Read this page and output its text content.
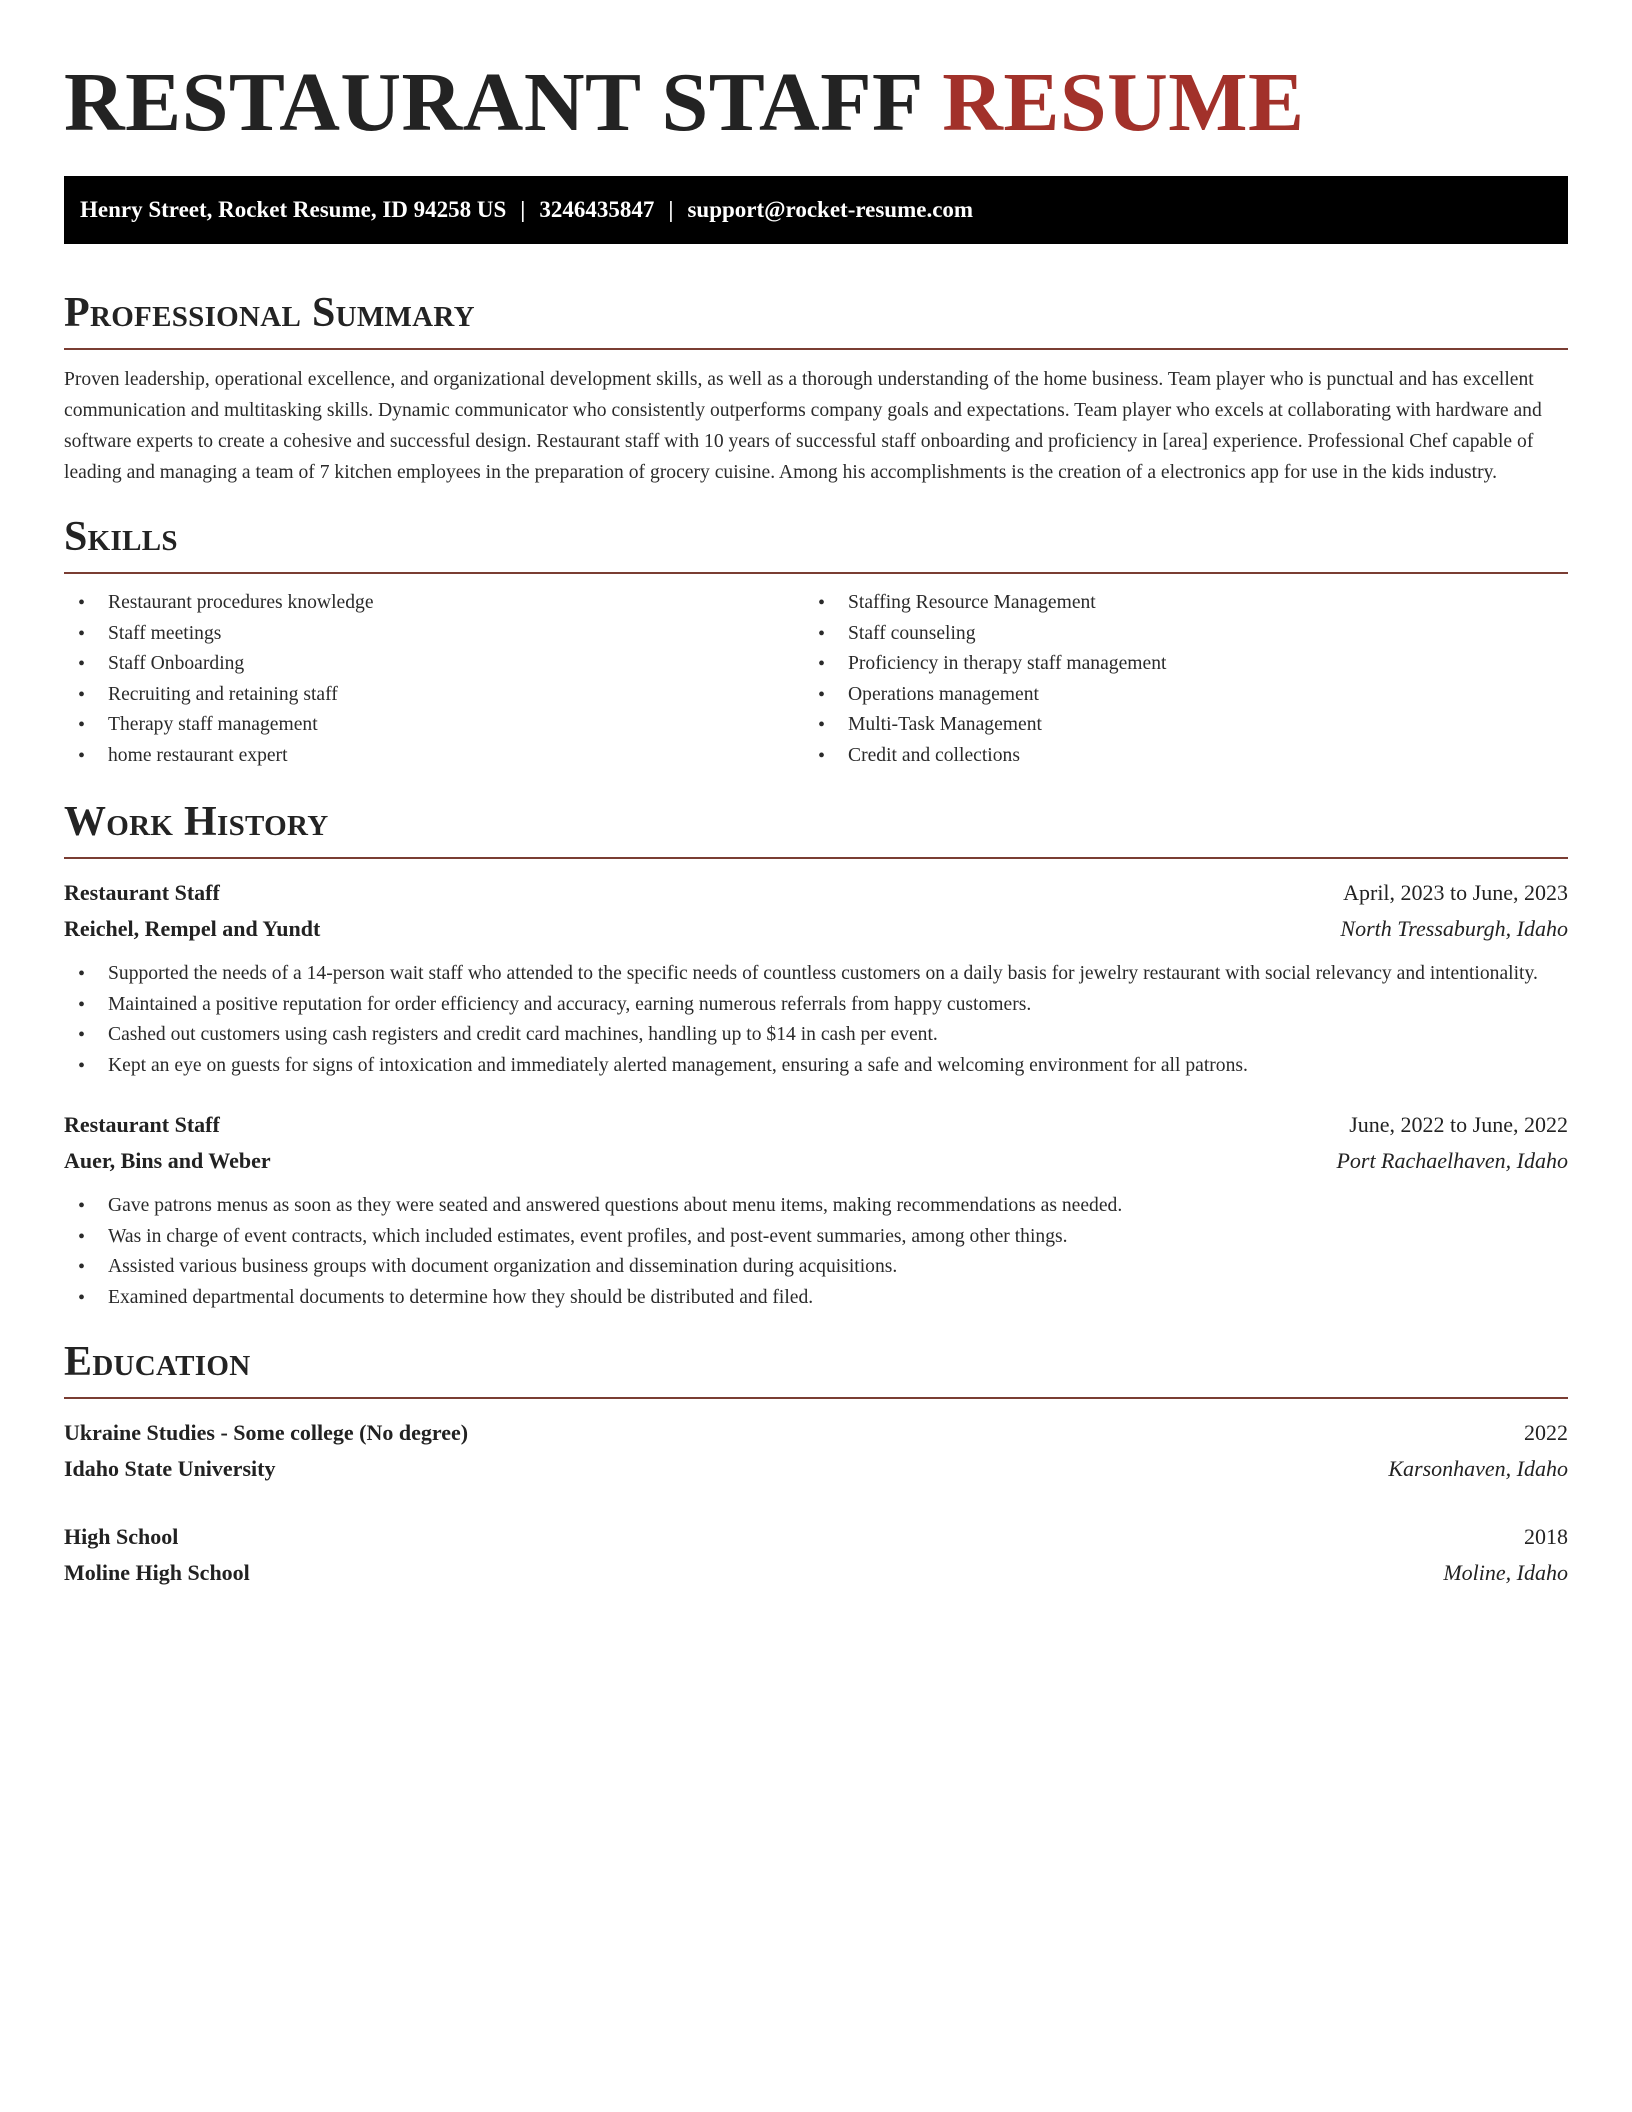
RESTAURANT STAFF RESUME
Henry Street, Rocket Resume, ID 94258 US | 3246435847 | support@rocket-resume.com
Professional Summary

Proven leadership, operational excellence, and organizational development skills, as well as a thorough understanding of the home business. Team player who is punctual and has excellent communication and multitasking skills. Dynamic communicator who consistently outperforms company goals and expectations. Team player who excels at collaborating with hardware and software experts to create a cohesive and successful design. Restaurant staff with 10 years of successful staff onboarding and proficiency in [area] experience. Professional Chef capable of leading and managing a team of 7 kitchen employees in the preparation of grocery cuisine. Among his accomplishments is the creation of a electronics app for use in the kids industry.

Skills
• Restaurant procedures knowledge
• Staff meetings
• Staff Onboarding
• Recruiting and retaining staff
• Therapy staff management
• home restaurant expert
• Staffing Resource Management
• Staff counseling
• Proficiency in therapy staff management
• Operations management
• Multi-Task Management
• Credit and collections
Work History
Restaurant Staff	April, 2023 to June, 2023
Reichel, Rempel and Yundt	North Tressaburgh, Idaho
• Supported the needs of a 14-person wait staff who attended to the specific needs of countless customers on a daily basis for jewelry restaurant with social relevancy and intentionality.
• Maintained a positive reputation for order efficiency and accuracy, earning numerous referrals from happy customers.
• Cashed out customers using cash registers and credit card machines, handling up to $14 in cash per event.
• Kept an eye on guests for signs of intoxication and immediately alerted management, ensuring a safe and welcoming environment for all patrons.
Restaurant Staff	June, 2022 to June, 2022
Auer, Bins and Weber	Port Rachaelhaven, Idaho
• Gave patrons menus as soon as they were seated and answered questions about menu items, making recommendations as needed.
• Was in charge of event contracts, which included estimates, event profiles, and post-event summaries, among other things.
• Assisted various business groups with document organization and dissemination during acquisitions.
• Examined departmental documents to determine how they should be distributed and filed.
Education
Ukraine Studies - Some college (No degree)	2022
Idaho State University	Karsonhaven, Idaho
High School	2018
Moline High School	Moline, Idaho
